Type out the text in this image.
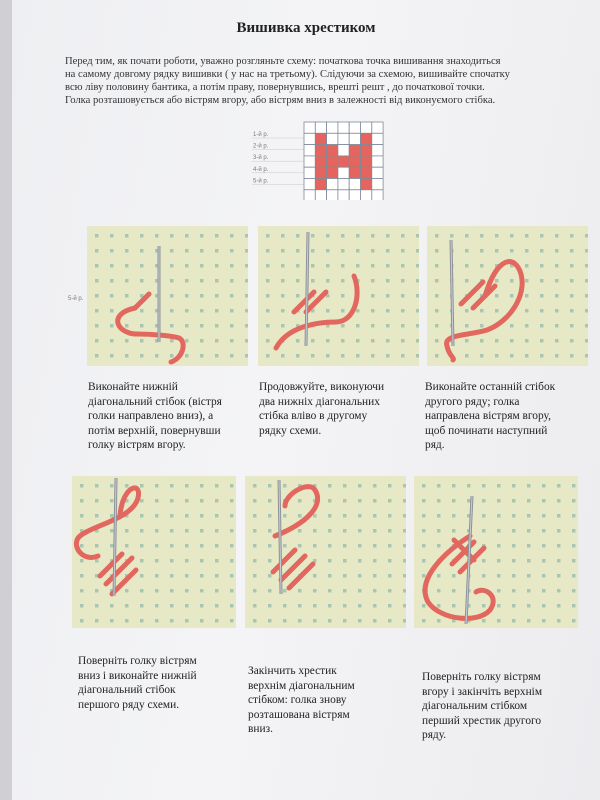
Вишивка хрестиком
Перед тим, як почати роботи, уважно розгляньте схему: початкова точка вишивання знаходиться
на самому довгому рядку вишивки ( у нас на третьому). Слідуючи за схемою, вишивайте спочатку
всю ліву половину бантика, а потім праву, повернувшись, врешті решт , до початкової точки.
Голка розташовується або вістрям вгору, або вістрям вниз в залежності від виконуємого стібка.
1-й р.
2-й р.
3-й р.
4-й р.
5-й р.
5-й р.
Виконайте нижній
діагональний стібок (вістря
голки направлено вниз), а
потім верхній, повернувши
голку вістрям вгору.
Продовжуйте, виконуючи
два нижніх діагональних
стібка вліво в другому
рядку схеми.
Виконайте останній стібок
другого ряду; голка
направлена вістрям вгору,
щоб починати наступний
ряд.
Поверніть голку вістрям
вниз і виконайте нижній
діагональний стібок
першого ряду схеми.
Закінчить хрестик
верхнім діагональним
стібком: голка знову
розташована вістрям
вниз.
Поверніть голку вістрям
вгору і закінчіть верхнім
діагональним стібком
перший хрестик другого
ряду.
